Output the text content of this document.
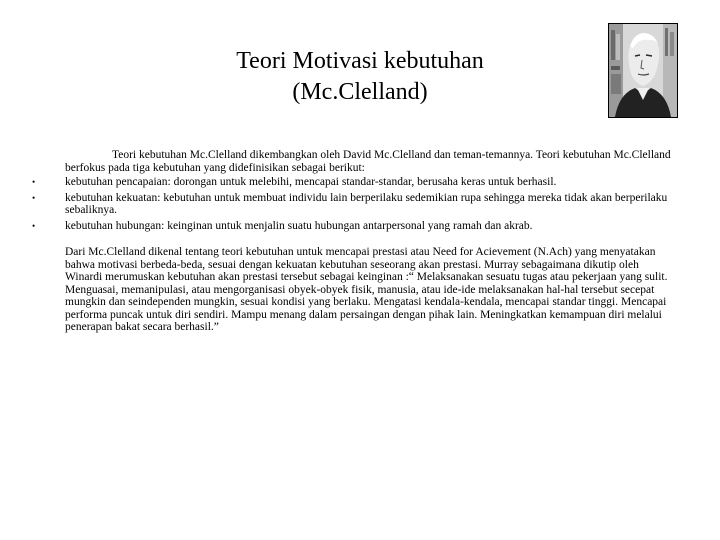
Teori Motivasi kebutuhan
(Mc.Clelland)

Teori kebutuhan Mc.Clelland dikembangkan oleh David Mc.Clelland dan teman-temannya. Teori kebutuhan Mc.Clelland berfokus pada tiga kebutuhan yang didefinisikan sebagai berikut:

•	kebutuhan pencapaian: dorongan untuk melebihi, mencapai standar-standar, berusaha keras untuk berhasil.
•	kebutuhan kekuatan: kebutuhan untuk membuat individu lain berperilaku sedemikian rupa sehingga mereka tidak akan berperilaku sebaliknya.
•	kebutuhan hubungan: keinginan untuk menjalin suatu hubungan antarpersonal yang ramah dan akrab.

Dari Mc.Clelland dikenal tentang teori kebutuhan untuk mencapai prestasi atau Need for Acievement (N.Ach) yang menyatakan bahwa motivasi berbeda-beda, sesuai dengan kekuatan kebutuhan seseorang akan prestasi. Murray sebagaimana dikutip oleh Winardi merumuskan kebutuhan akan prestasi tersebut sebagai keinginan :“ Melaksanakan sesuatu tugas atau pekerjaan yang sulit. Menguasai, memanipulasi, atau mengorganisasi obyek-obyek fisik, manusia, atau ide-ide melaksanakan hal-hal tersebut secepat mungkin dan seindependen mungkin, sesuai kondisi yang berlaku. Mengatasi kendala-kendala, mencapai standar tinggi. Mencapai performa puncak untuk diri sendiri. Mampu menang dalam persaingan dengan pihak lain. Meningkatkan kemampuan diri melalui penerapan bakat secara berhasil.”
